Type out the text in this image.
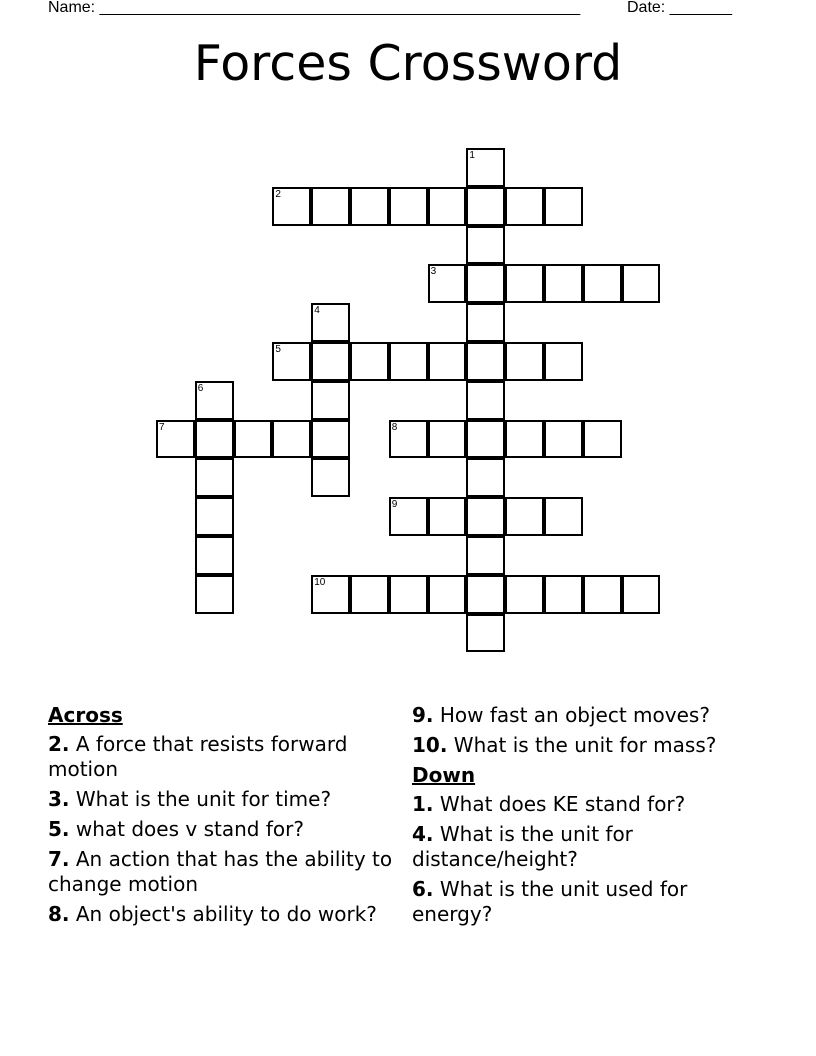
Name: ______________________________________________________	Date: _______
Forces Crossword
1
2
3
4
5
6
7	8
9
10
Across
2. A force that resists forward motion
3. What is the unit for time?
5. what does v stand for?
7. An action that has the ability to change motion
8. An object's ability to do work?
9. How fast an object moves?
10. What is the unit for mass?
Down
1. What does KE stand for?
4. What is the unit for distance/height?
6. What is the unit used for energy?
